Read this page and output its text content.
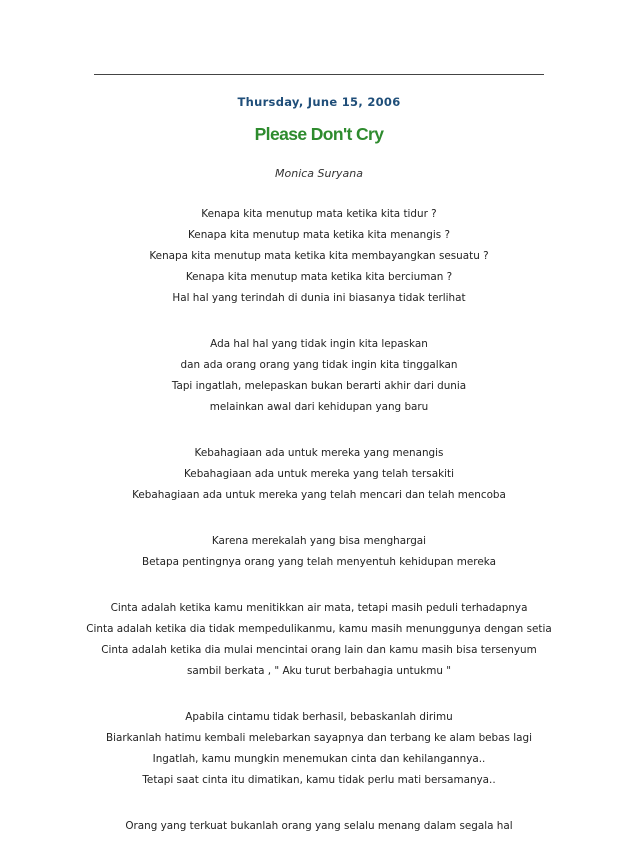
Thursday, June 15, 2006
Please Don't Cry
Monica Suryana
Kenapa kita menutup mata ketika kita tidur ?
Kenapa kita menutup mata ketika kita menangis ?
Kenapa kita menutup mata ketika kita membayangkan sesuatu ?
Kenapa kita menutup mata ketika kita berciuman ?
Hal hal yang terindah di dunia ini biasanya tidak terlihat
Ada hal hal yang tidak ingin kita lepaskan
dan ada orang orang yang tidak ingin kita tinggalkan
Tapi ingatlah, melepaskan bukan berarti akhir dari dunia
melainkan awal dari kehidupan yang baru
Kebahagiaan ada untuk mereka yang menangis
Kebahagiaan ada untuk mereka yang telah tersakiti
Kebahagiaan ada untuk mereka yang telah mencari dan telah mencoba
Karena merekalah yang bisa menghargai
Betapa pentingnya orang yang telah menyentuh kehidupan mereka
Cinta adalah ketika kamu menitikkan air mata, tetapi masih peduli terhadapnya
Cinta adalah ketika dia tidak mempedulikanmu, kamu masih menunggunya dengan setia
Cinta adalah ketika dia mulai mencintai orang lain dan kamu masih bisa tersenyum
sambil berkata , " Aku turut berbahagia untukmu "
Apabila cintamu tidak berhasil, bebaskanlah dirimu
Biarkanlah hatimu kembali melebarkan sayapnya dan terbang ke alam bebas lagi
Ingatlah, kamu mungkin menemukan cinta dan kehilangannya..
Tetapi saat cinta itu dimatikan, kamu tidak perlu mati bersamanya..
Orang yang terkuat bukanlah orang yang selalu menang dalam segala hal
